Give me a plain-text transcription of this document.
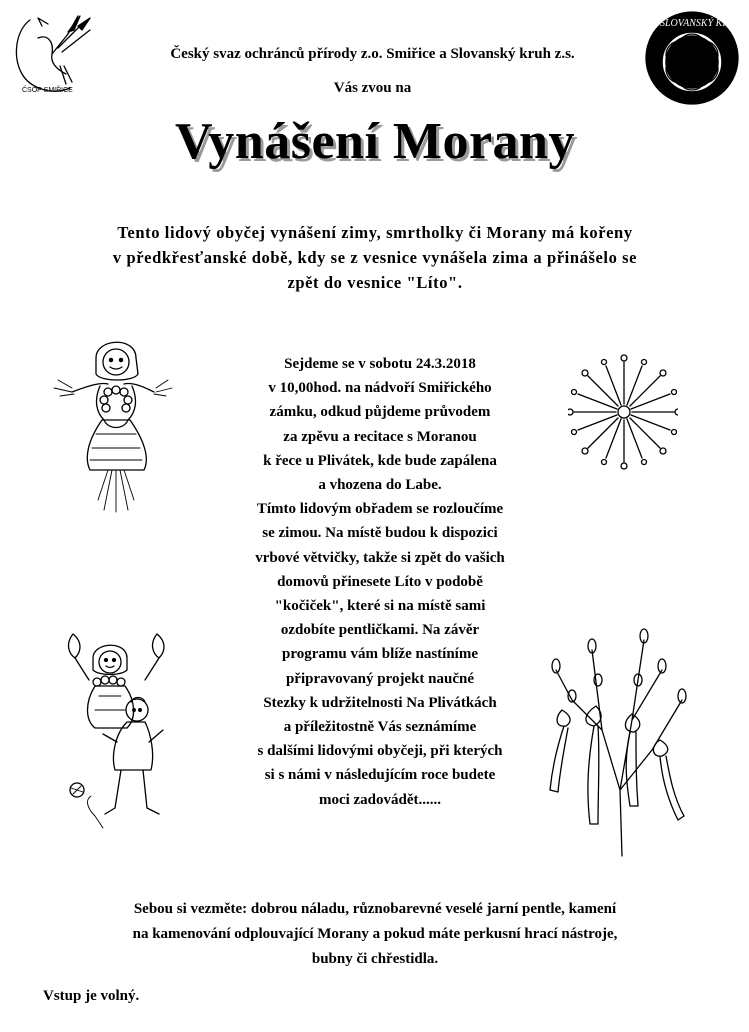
ČSOP SMIŘICE
SLOVANSKÝ KRUH
Český svaz ochránců přírody z.o. Smiřice a Slovanský kruh z.s.
Vás zvou na
Vynášení Morany
Tento lidový obyčej vynášení zimy, smrtholky či Morany má kořeny
v předkřesťanské době, kdy se z vesnice vynášela zima a přinášelo se
zpět do vesnice "Líto".
Sejdeme se v sobotu 24.3.2018
v 10,00hod. na nádvoří Smiřického
zámku, odkud půjdeme průvodem
za zpěvu a recitace s Moranou
k řece u Plivátek, kde bude zapálena
a vhozena do Labe.
Tímto lidovým obřadem se rozloučíme
se zimou. Na místě budou k dispozici
vrbové větvičky, takže si zpět do vašich
domovů přinesete Líto v podobě
"kočiček", které si na místě sami
ozdobíte pentličkami. Na závěr
programu vám blíže nastíníme
připravovaný projekt naučné
Stezky k udržitelnosti Na Plivátkách
a příležitostně Vás seznámíme
s dalšími lidovými obyčeji, při kterých
si s námi v následujícím roce budete
moci zadovádět......
Sebou si vezměte: dobrou náladu, různobarevné veselé jarní pentle, kamení
na kamenování odplouvající Morany a pokud máte perkusní hrací nástroje,
bubny či chřestidla.
Vstup je volný.
